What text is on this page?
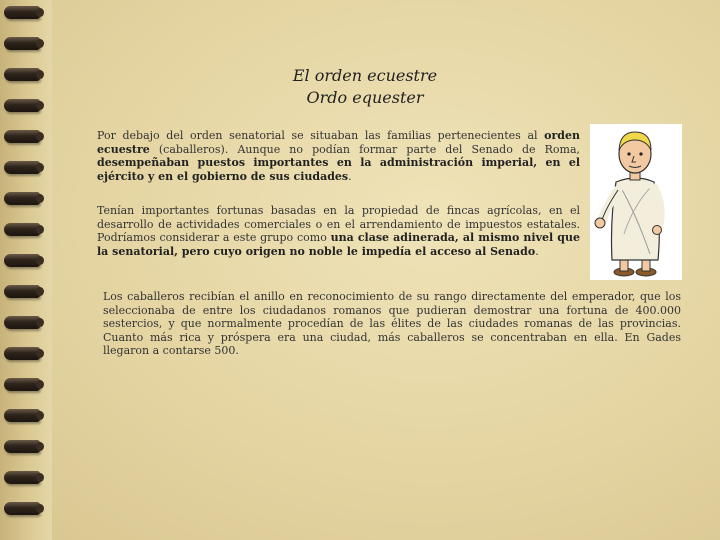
El orden ecuestre
Ordo equester

Por debajo del orden senatorial se situaban las familias pertenecientes al orden ecuestre (caballeros). Aunque no podían formar parte del Senado de Roma, desempeñaban puestos importantes en la administración imperial, en el ejército y en el gobierno de sus ciudades.

Tenían importantes fortunas basadas en la propiedad de fincas agrícolas, en el desarrollo de actividades comerciales o en el arrendamiento de impuestos estatales. Podríamos considerar a este grupo como una clase adinerada, al mismo nivel que la senatorial, pero cuyo origen no noble le impedía el acceso al Senado.

Los caballeros recibían el anillo en reconocimiento de su rango directamente del emperador, que los seleccionaba de entre los ciudadanos romanos que pudieran demostrar una fortuna de 400.000 sestercios, y que normalmente procedían de las élites de las ciudades romanas de las provincias. Cuanto más rica y próspera era una ciudad, más caballeros se concentraban en ella. En Gades llegaron a contarse 500.
